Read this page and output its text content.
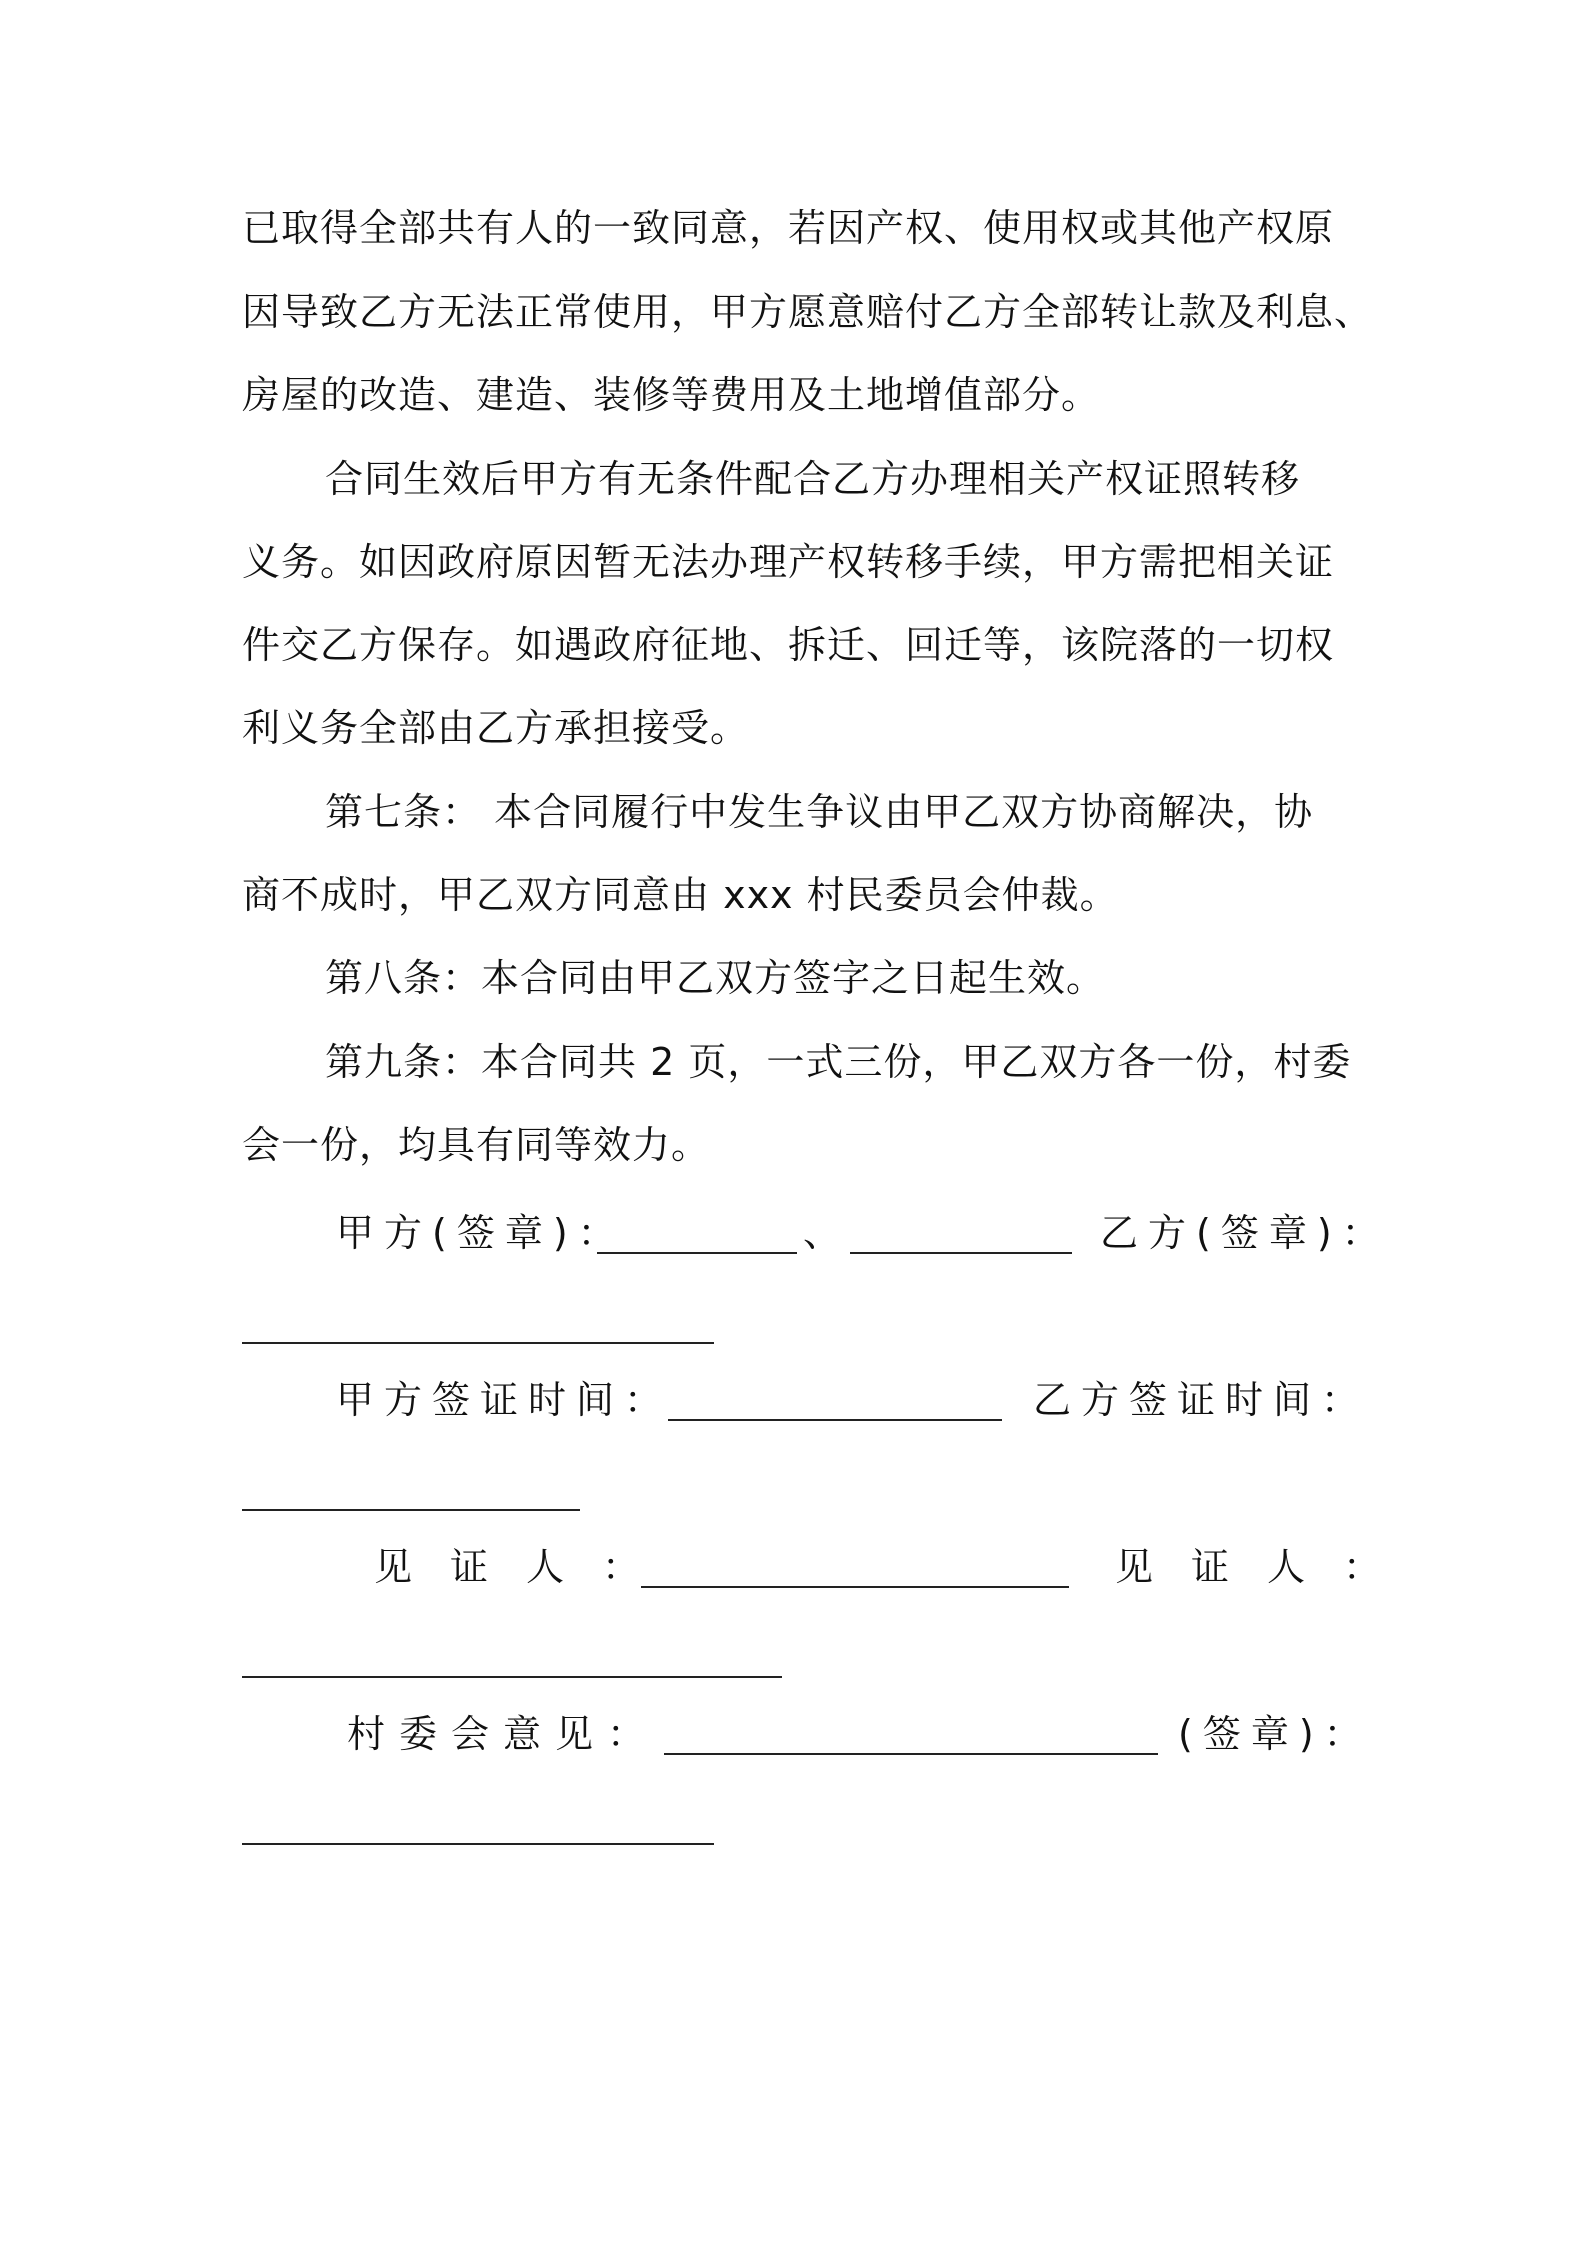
已取得全部共有人的一致同意，若因产权、使用权或其他产权原
因导致乙方无法正常使用，甲方愿意赔付乙方全部转让款及利息、
房屋的改造、建造、装修等费用及土地增值部分。
合同生效后甲方有无条件配合乙方办理相关产权证照转移
义务。如因政府原因暂无法办理产权转移手续，甲方需把相关证
件交乙方保存。如遇政府征地、拆迁、回迁等，该院落的一切权
利义务全部由乙方承担接受。
第七条： 本合同履行中发生争议由甲乙双方协商解决，协
商不成时，甲乙双方同意由 xxx 村民委员会仲裁。
第八条：本合同由甲乙双方签字之日起生效。
第九条：本合同共 2 页，一式三份，甲乙双方各一份，村委
会一份，均具有同等效力。
甲方(签章)：	、	乙方(签章)：
甲方签证时间：	乙方签证时间：
见证人：	见证人：
村委会意见：	(签章)：
